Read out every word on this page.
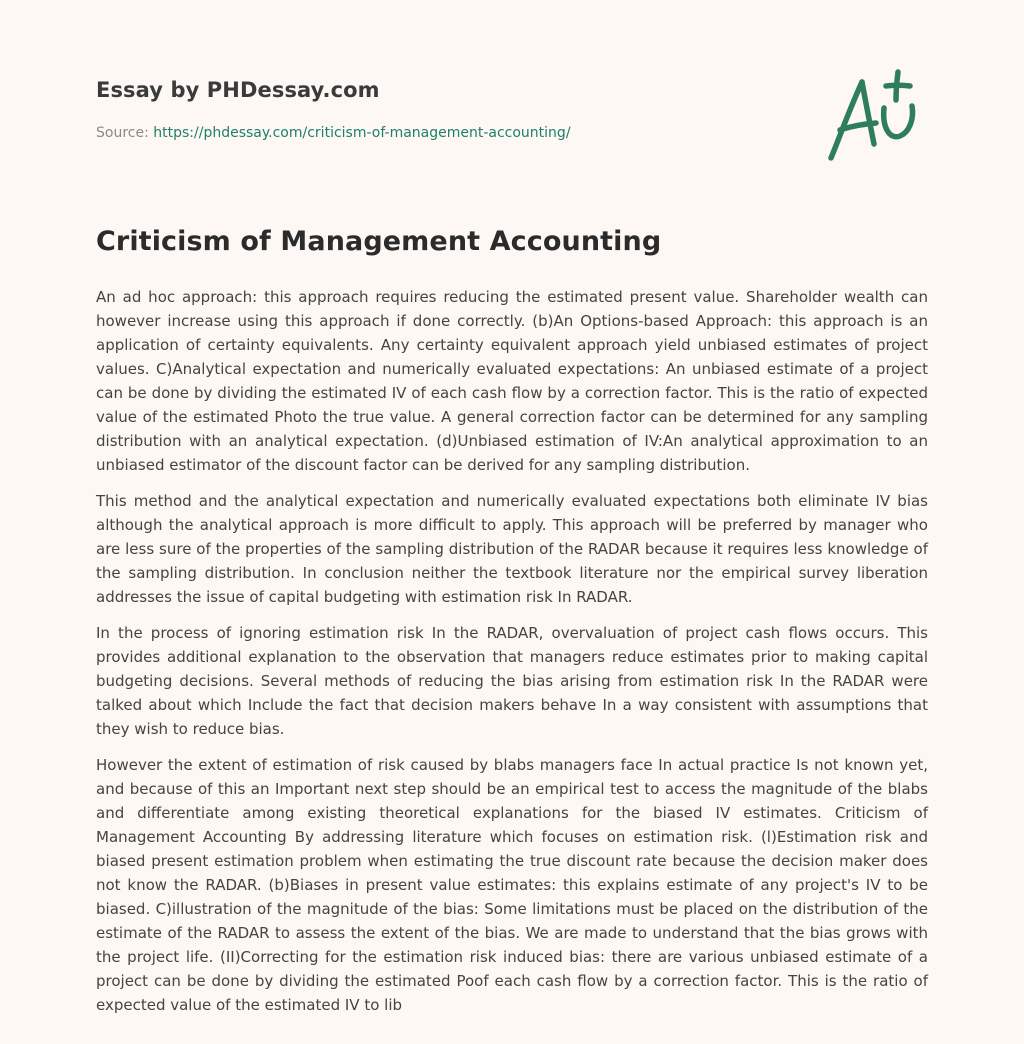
Essay by PHDessay.com
Source: https://phdessay.com/criticism-of-management-accounting/
Criticism of Management Accounting

An ad hoc approach: this approach requires reducing the estimated present value. Shareholder wealth can however increase using this approach if done correctly. (b)An Options-based Approach: this approach is an application of certainty equivalents. Any certainty equivalent approach yield unbiased estimates of project values. C)Analytical expectation and numerically evaluated expectations: An unbiased estimate of a project can be done by dividing the estimated IV of each cash flow by a correction factor. This is the ratio of expected value of the estimated Photo the true value. A general correction factor can be determined for any sampling distribution with an analytical expectation. (d)Unbiased estimation of IV:An analytical approximation to an unbiased estimator of the discount factor can be derived for any sampling distribution.

This method and the analytical expectation and numerically evaluated expectations both eliminate IV bias although the analytical approach is more difficult to apply. This approach will be preferred by manager who are less sure of the properties of the sampling distribution of the RADAR because it requires less knowledge of the sampling distribution. In conclusion neither the textbook literature nor the empirical survey liberation addresses the issue of capital budgeting with estimation risk In RADAR.

In the process of ignoring estimation risk In the RADAR, overvaluation of project cash flows occurs. This provides additional explanation to the observation that managers reduce estimates prior to making capital budgeting decisions. Several methods of reducing the bias arising from estimation risk In the RADAR were talked about which Include the fact that decision makers behave In a way consistent with assumptions that they wish to reduce bias.

However the extent of estimation of risk caused by blabs managers face In actual practice Is not known yet, and because of this an Important next step should be an empirical test to access the magnitude of the blabs and differentiate among existing theoretical explanations for the biased IV estimates. Criticism of Management Accounting By addressing literature which focuses on estimation risk. (l)Estimation risk and biased present estimation problem when estimating the true discount rate because the decision maker does not know the RADAR. (b)Biases in present value estimates: this explains estimate of any project's IV to be biased. C)illustration of the magnitude of the bias: Some limitations must be placed on the distribution of the estimate of the RADAR to assess the extent of the bias. We are made to understand that the bias grows with the project life. (II)Correcting for the estimation risk induced bias: there are various unbiased estimate of a project can be done by dividing the estimated Poof each cash flow by a correction factor. This is the ratio of expected value of the estimated IV to lib
